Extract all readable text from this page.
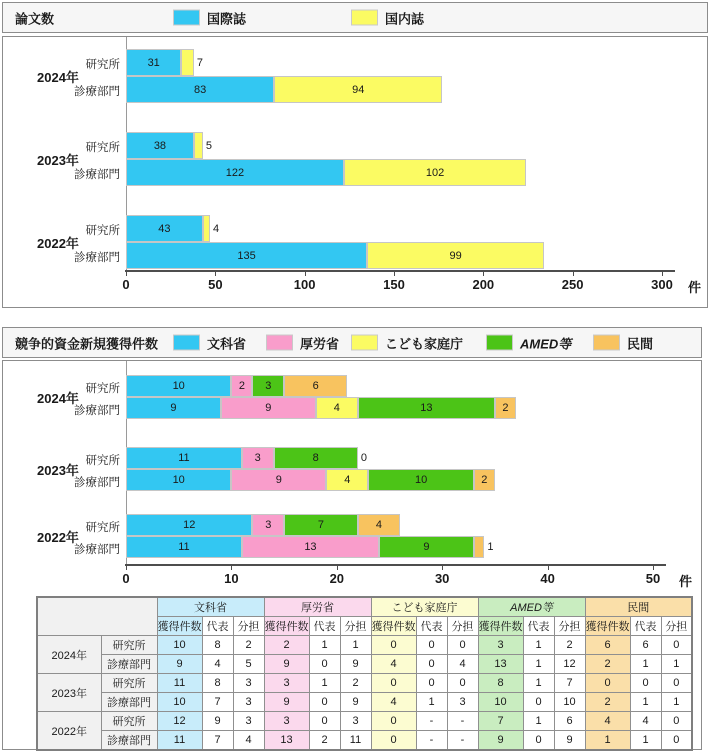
論文数	国際誌	国内誌
0	50	100	150	200	250	300	件
2024年
研究所	31	7
診療部門	83	94
2023年
研究所	38	5
診療部門	122	102
2022年
研究所	43	4
診療部門	135	99
競争的資金新規獲得件数	文科省	厚労省	こども家庭庁	AMED等	民間
0	10	20	30	40	50	件
2024年
研究所	10	2 3	6
診療部門	9	9	4	13	2
2023年
研究所	11	3	8	0
診療部門	10	9	4	10	2
2022年
研究所	12	3	7	4
診療部門	11	13	9	1
		文科省			厚労省			こども家庭庁			AMED等			民間		
		獲得件数	代表	分担	獲得件数	代表	分担	獲得件数	代表	分担	獲得件数	代表	分担	獲得件数	代表	分担
2024年	研究所	10	8	2	2	1	1	0	0	0	3	1	2	6	6	0
	診療部門	9	4	5	9	0	9	4	0	4	13	1	12	2	1	1
2023年	研究所	11	8	3	3	1	2	0	0	0	8	1	7	0	0	0
	診療部門	10	7	3	9	0	9	4	1	3	10	0	10	2	1	1
2022年	研究所	12	9	3	3	0	3	0	-	-	7	1	6	4	4	0
	診療部門	11	7	4	13	2	11	0	-	-	9	0	9	1	1	0
